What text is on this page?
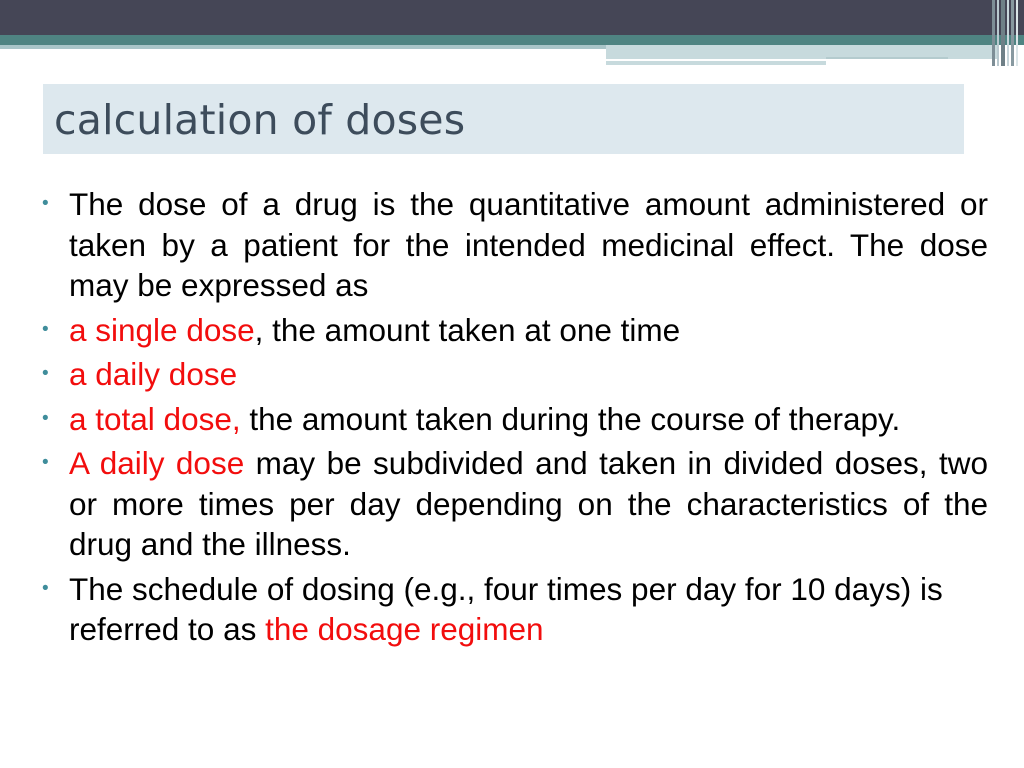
calculation of doses
• The dose of a drug is the quantitative amount administered or taken by a patient for the intended medicinal effect. The dose may be expressed as
• a single dose, the amount taken at one time
• a daily dose
• a total dose, the amount taken during the course of therapy.
• A daily dose may be subdivided and taken in divided doses, two or more times per day depending on the characteristics of the drug and the illness.
• The schedule of dosing (e.g., four times per day for 10 days) is referred to as the dosage regimen
